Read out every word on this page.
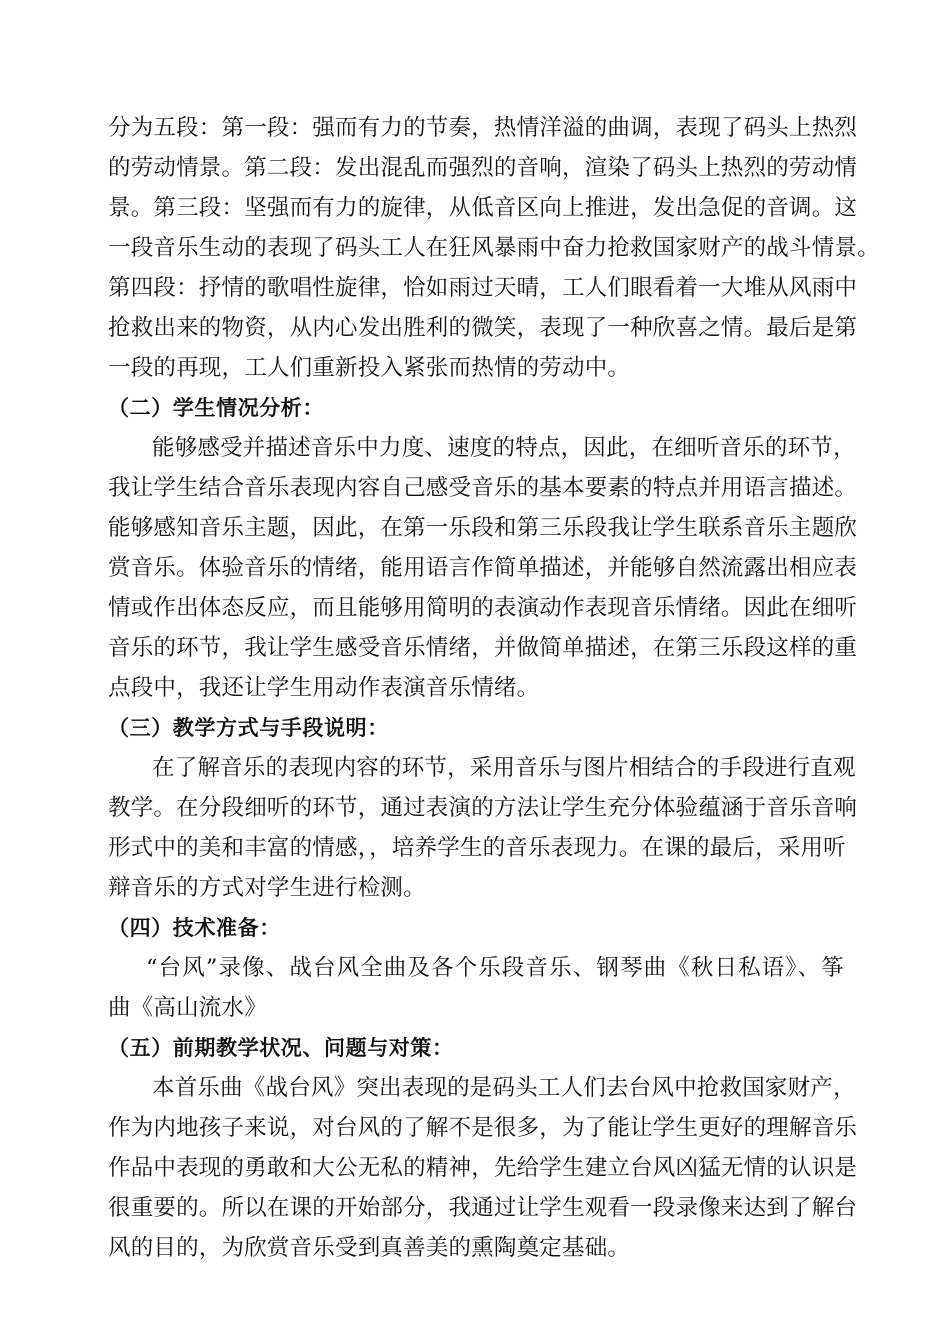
分为五段：第一段：强而有力的节奏，热情洋溢的曲调，表现了码头上热烈
的劳动情景。第二段：发出混乱而强烈的音响，渲染了码头上热烈的劳动情
景。第三段：坚强而有力的旋律，从低音区向上推进，发出急促的音调。这
一段音乐生动的表现了码头工人在狂风暴雨中奋力抢救国家财产的战斗情景。
第四段：抒情的歌唱性旋律，恰如雨过天晴，工人们眼看着一大堆从风雨中
抢救出来的物资，从内心发出胜利的微笑，表现了一种欣喜之情。最后是第
一段的再现，工人们重新投入紧张而热情的劳动中。
（二）学生情况分析：
能够感受并描述音乐中力度、速度的特点，因此，在细听音乐的环节，
我让学生结合音乐表现内容自己感受音乐的基本要素的特点并用语言描述。
能够感知音乐主题，因此，在第一乐段和第三乐段我让学生联系音乐主题欣
赏音乐。体验音乐的情绪，能用语言作简单描述，并能够自然流露出相应表
情或作出体态反应，而且能够用简明的表演动作表现音乐情绪。因此在细听
音乐的环节，我让学生感受音乐情绪，并做简单描述，在第三乐段这样的重
点段中，我还让学生用动作表演音乐情绪。
（三）教学方式与手段说明：
在了解音乐的表现内容的环节，采用音乐与图片相结合的手段进行直观
教学。在分段细听的环节，通过表演的方法让学生充分体验蕴涵于音乐音响
形式中的美和丰富的情感，，培养学生的音乐表现力。在课的最后，采用听
辩音乐的方式对学生进行检测。
（四）技术准备：
“台风”录像、战台风全曲及各个乐段音乐、钢琴曲《秋日私语》、筝
曲《高山流水》
（五）前期教学状况、问题与对策：
本首乐曲《战台风》突出表现的是码头工人们去台风中抢救国家财产，
作为内地孩子来说，对台风的了解不是很多，为了能让学生更好的理解音乐
作品中表现的勇敢和大公无私的精神，先给学生建立台风凶猛无情的认识是
很重要的。所以在课的开始部分，我通过让学生观看一段录像来达到了解台
风的目的，为欣赏音乐受到真善美的熏陶奠定基础。
